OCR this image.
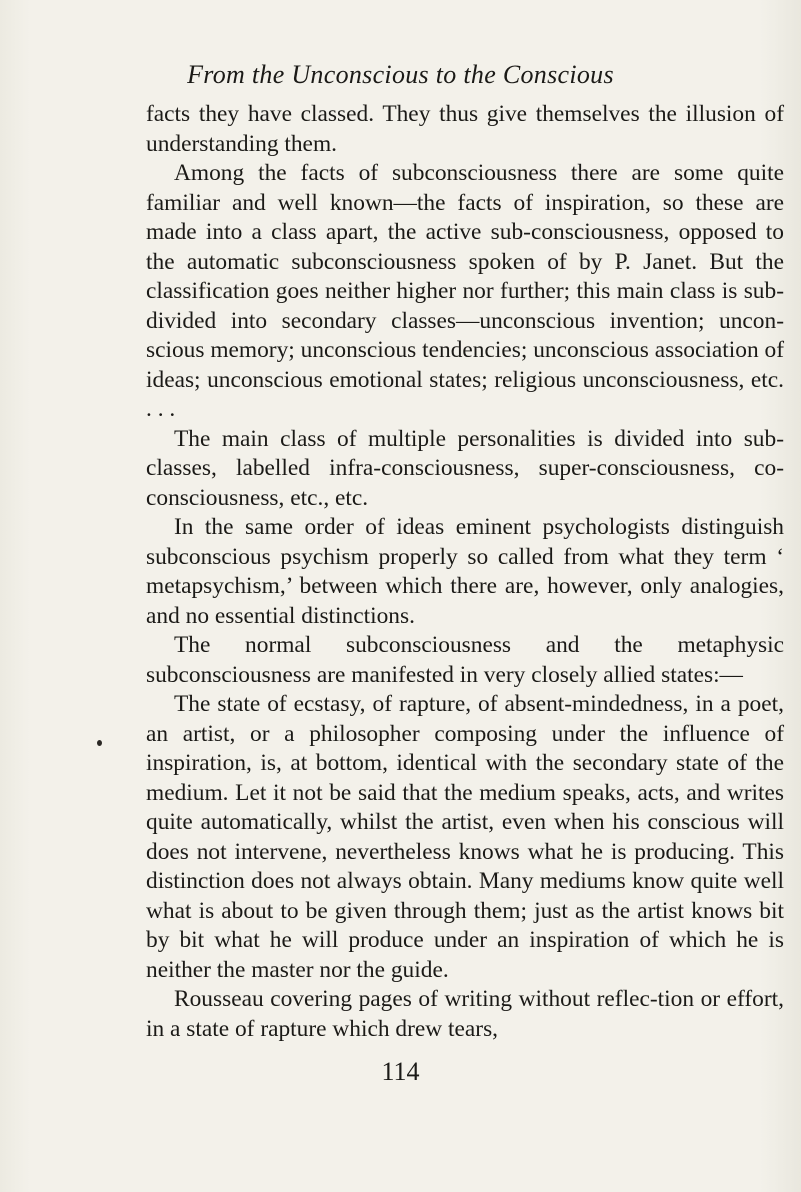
From the Unconscious to the Conscious

facts they have classed. They thus give themselves the illusion of understanding them.

Among the facts of subconsciousness there are some quite familiar and well known—the facts of inspiration, so these are made into a class apart, the active sub-consciousness, opposed to the automatic subconsciousness spoken of by P. Janet. But the classification goes neither higher nor further; this main class is sub-divided into secondary classes—unconscious invention; uncon-scious memory; unconscious tendencies; unconscious association of ideas; unconscious emotional states; religious unconsciousness, etc. . . .

The main class of multiple personalities is divided into sub-classes, labelled infra-consciousness, super-consciousness, co-consciousness, etc., etc.

In the same order of ideas eminent psychologists distinguish subconscious psychism properly so called from what they term ‘ metapsychism,’ between which there are, however, only analogies, and no essential distinctions.

The normal subconsciousness and the metaphysic subconsciousness are manifested in very closely allied states:—

The state of ecstasy, of rapture, of absent-mindedness, in a poet, an artist, or a philosopher composing under the influence of inspiration, is, at bottom, identical with the secondary state of the medium. Let it not be said that the medium speaks, acts, and writes quite automatically, whilst the artist, even when his conscious will does not intervene, nevertheless knows what he is producing. This distinction does not always obtain. Many mediums know quite well what is about to be given through them; just as the artist knows bit by bit what he will produce under an inspiration of which he is neither the master nor the guide.

Rousseau covering pages of writing without reflec-tion or effort, in a state of rapture which drew tears,

114
